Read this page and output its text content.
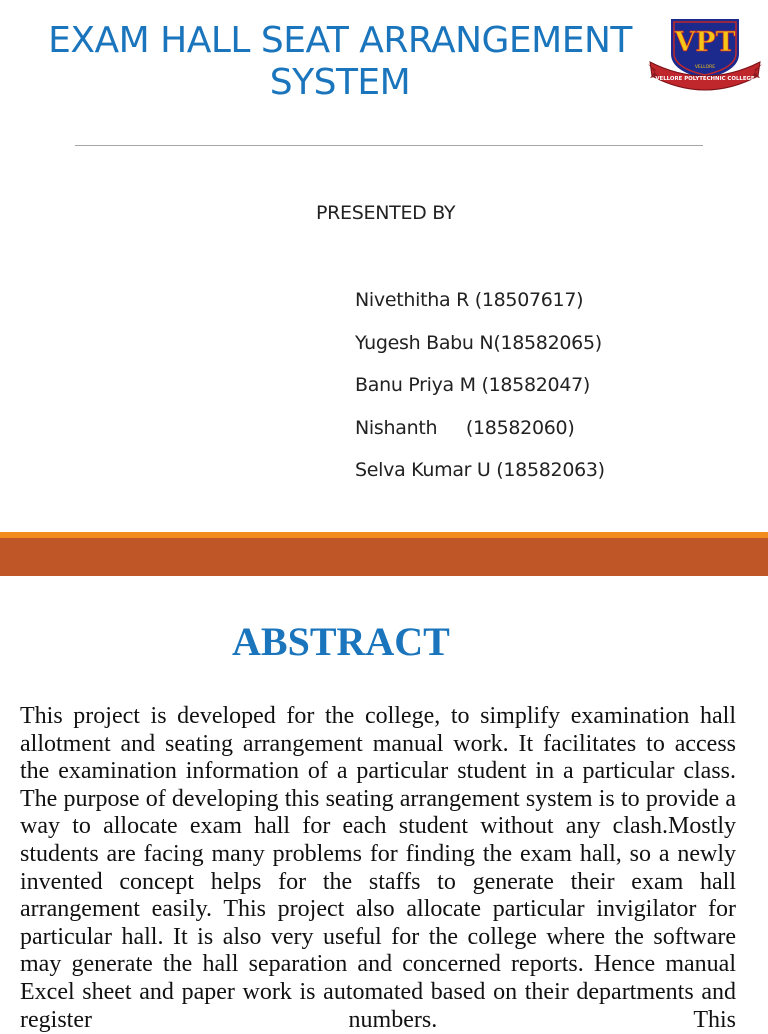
EXAM HALL SEAT ARRANGEMENT
SYSTEM
VPT
VELLORE POLYTECHNIC COLLEGE
VELLORE
PRESENTED BY
Nivethitha R (18507617)
Yugesh Babu N(18582065)
Banu Priya M (18582047)
Nishanth     (18582060)
Selva Kumar U (18582063)
ABSTRACT

This project is developed for the college, to simplify examination hall allotment and seating arrangement manual work. It facilitates to access the examination information of a particular student in a particular class. The purpose of developing this seating arrangement system is to provide a way to allocate exam hall for each student without any clash.Mostly students are facing many problems for finding the exam hall, so a newly invented concept helps for the staffs to generate their exam hall arrangement easily. This project also allocate particular invigilator for particular hall. It is also very useful for the college where the software may generate the hall separation and concerned reports. Hence manual Excel sheet and paper work is automated based on their departments and register numbers. This
